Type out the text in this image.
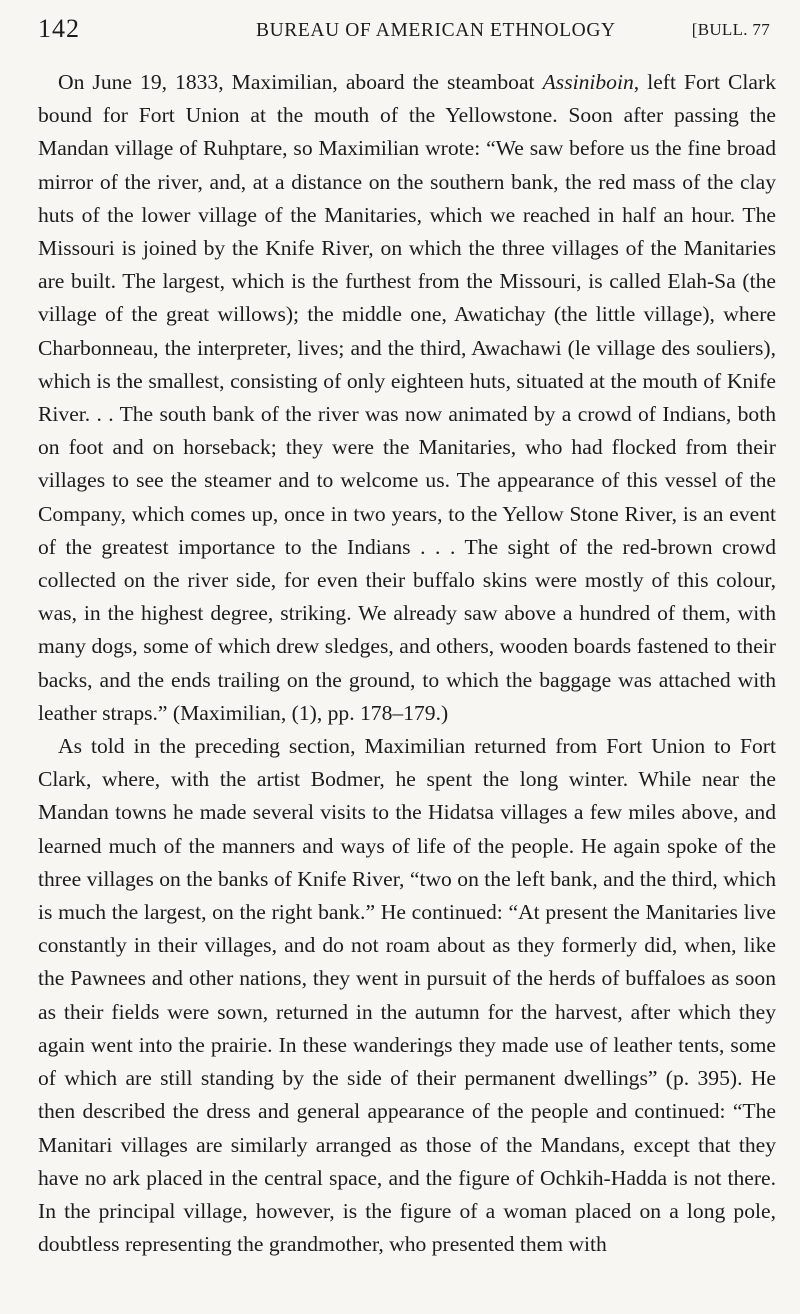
142	BUREAU OF AMERICAN ETHNOLOGY	[BULL. 77

On June 19, 1833, Maximilian, aboard the steamboat Assiniboin, left Fort Clark bound for Fort Union at the mouth of the Yellowstone. Soon after passing the Mandan village of Ruhptare, so Maximilian wrote: “We saw before us the fine broad mirror of the river, and, at a distance on the southern bank, the red mass of the clay huts of the lower village of the Manitaries, which we reached in half an hour. The Missouri is joined by the Knife River, on which the three villages of the Manitaries are built. The largest, which is the furthest from the Missouri, is called Elah-Sa (the village of the great willows); the middle one, Awatichay (the little village), where Charbonneau, the interpreter, lives; and the third, Awachawi (le village des souliers), which is the smallest, consisting of only eighteen huts, situated at the mouth of Knife River. . . The south bank of the river was now animated by a crowd of Indians, both on foot and on horseback; they were the Manitaries, who had flocked from their villages to see the steamer and to welcome us. The appearance of this vessel of the Company, which comes up, once in two years, to the Yellow Stone River, is an event of the greatest importance to the Indians . . . The sight of the red-brown crowd collected on the river side, for even their buffalo skins were mostly of this colour, was, in the highest degree, striking. We already saw above a hundred of them, with many dogs, some of which drew sledges, and others, wooden boards fastened to their backs, and the ends trailing on the ground, to which the baggage was attached with leather straps.” (Maximilian, (1), pp. 178–179.)

As told in the preceding section, Maximilian returned from Fort Union to Fort Clark, where, with the artist Bodmer, he spent the long winter. While near the Mandan towns he made several visits to the Hidatsa villages a few miles above, and learned much of the manners and ways of life of the people. He again spoke of the three villages on the banks of Knife River, “two on the left bank, and the third, which is much the largest, on the right bank.” He continued: “At present the Manitaries live constantly in their villages, and do not roam about as they formerly did, when, like the Pawnees and other nations, they went in pursuit of the herds of buffaloes as soon as their fields were sown, returned in the autumn for the harvest, after which they again went into the prairie. In these wanderings they made use of leather tents, some of which are still standing by the side of their permanent dwellings” (p. 395). He then described the dress and general appearance of the people and continued: “The Manitari villages are similarly arranged as those of the Mandans, except that they have no ark placed in the central space, and the figure of Ochkih-Hadda is not there. In the principal village, however, is the figure of a woman placed on a long pole, doubtless representing the grandmother, who presented them with
